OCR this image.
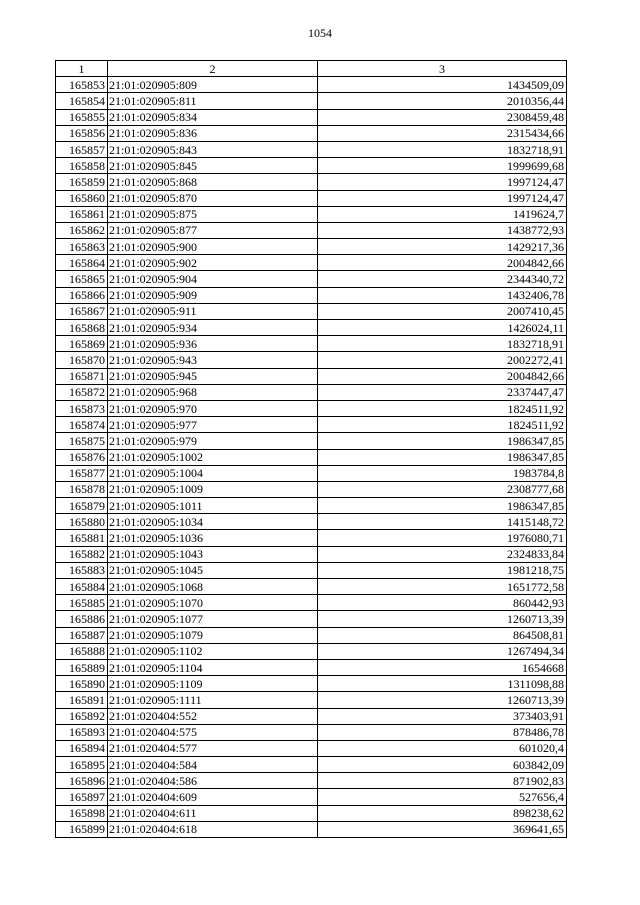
1054
1	2	3
165853	21:01:020905:809	1434509,09
165854	21:01:020905:811	2010356,44
165855	21:01:020905:834	2308459,48
165856	21:01:020905:836	2315434,66
165857	21:01:020905:843	1832718,91
165858	21:01:020905:845	1999699,68
165859	21:01:020905:868	1997124,47
165860	21:01:020905:870	1997124,47
165861	21:01:020905:875	1419624,7
165862	21:01:020905:877	1438772,93
165863	21:01:020905:900	1429217,36
165864	21:01:020905:902	2004842,66
165865	21:01:020905:904	2344340,72
165866	21:01:020905:909	1432406,78
165867	21:01:020905:911	2007410,45
165868	21:01:020905:934	1426024,11
165869	21:01:020905:936	1832718,91
165870	21:01:020905:943	2002272,41
165871	21:01:020905:945	2004842,66
165872	21:01:020905:968	2337447,47
165873	21:01:020905:970	1824511,92
165874	21:01:020905:977	1824511,92
165875	21:01:020905:979	1986347,85
165876	21:01:020905:1002	1986347,85
165877	21:01:020905:1004	1983784,8
165878	21:01:020905:1009	2308777,68
165879	21:01:020905:1011	1986347,85
165880	21:01:020905:1034	1415148,72
165881	21:01:020905:1036	1976080,71
165882	21:01:020905:1043	2324833,84
165883	21:01:020905:1045	1981218,75
165884	21:01:020905:1068	1651772,58
165885	21:01:020905:1070	860442,93
165886	21:01:020905:1077	1260713,39
165887	21:01:020905:1079	864508,81
165888	21:01:020905:1102	1267494,34
165889	21:01:020905:1104	1654668
165890	21:01:020905:1109	1311098,88
165891	21:01:020905:1111	1260713,39
165892	21:01:020404:552	373403,91
165893	21:01:020404:575	878486,78
165894	21:01:020404:577	601020,4
165895	21:01:020404:584	603842,09
165896	21:01:020404:586	871902,83
165897	21:01:020404:609	527656,4
165898	21:01:020404:611	898238,62
165899	21:01:020404:618	369641,65
